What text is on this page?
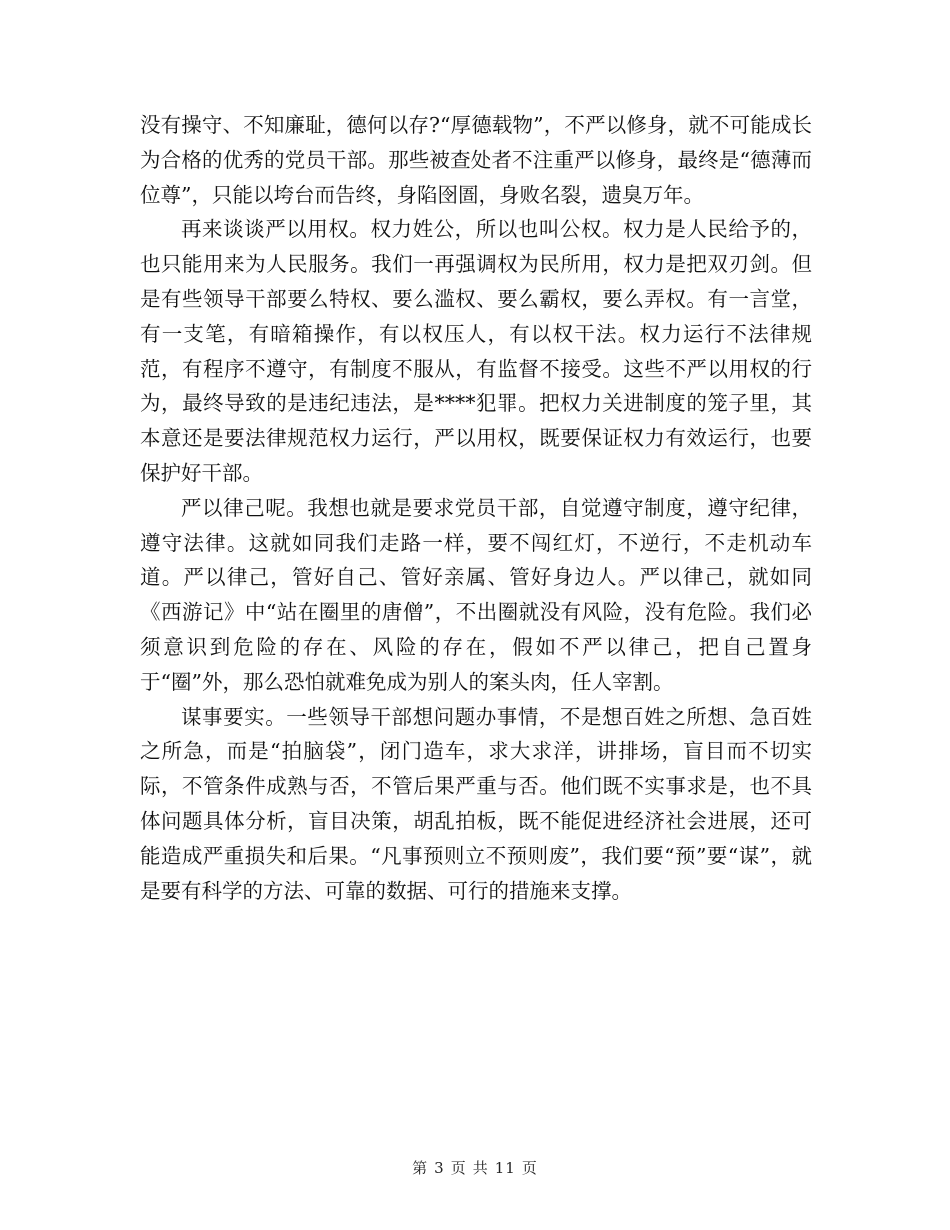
没有操守、不知廉耻，德何以存?“厚德载物”，不严以修身，就不可能成长为合格的优秀的党员干部。那些被查处者不注重严以修身，最终是“德薄而位尊”，只能以垮台而告终，身陷囹圄，身败名裂，遗臭万年。

再来谈谈严以用权。权力姓公，所以也叫公权。权力是人民给予的，也只能用来为人民服务。我们一再强调权为民所用，权力是把双刃剑。但是有些领导干部要么特权、要么滥权、要么霸权，要么弄权。有一言堂，有一支笔，有暗箱操作，有以权压人，有以权干法。权力运行不法律规范，有程序不遵守，有制度不服从，有监督不接受。这些不严以用权的行为，最终导致的是违纪违法，是****犯罪。把权力关进制度的笼子里，其本意还是要法律规范权力运行，严以用权，既要保证权力有效运行，也要保护好干部。

严以律己呢。我想也就是要求党员干部，自觉遵守制度，遵守纪律，遵守法律。这就如同我们走路一样，要不闯红灯，不逆行，不走机动车道。严以律己，管好自己、管好亲属、管好身边人。严以律己，就如同《西游记》中“站在圈里的唐僧”，不出圈就没有风险，没有危险。我们必须意识到危险的存在、风险的存在，假如不严以律己，把自己置身于“圈”外，那么恐怕就难免成为别人的案头肉，任人宰割。

谋事要实。一些领导干部想问题办事情，不是想百姓之所想、急百姓之所急，而是“拍脑袋”，闭门造车，求大求洋，讲排场，盲目而不切实际，不管条件成熟与否，不管后果严重与否。他们既不实事求是，也不具体问题具体分析，盲目决策，胡乱拍板，既不能促进经济社会进展，还可能造成严重损失和后果。“凡事预则立不预则废”，我们要“预”要“谋”，就是要有科学的方法、可靠的数据、可行的措施来支撑。

第 3 页 共 11 页
